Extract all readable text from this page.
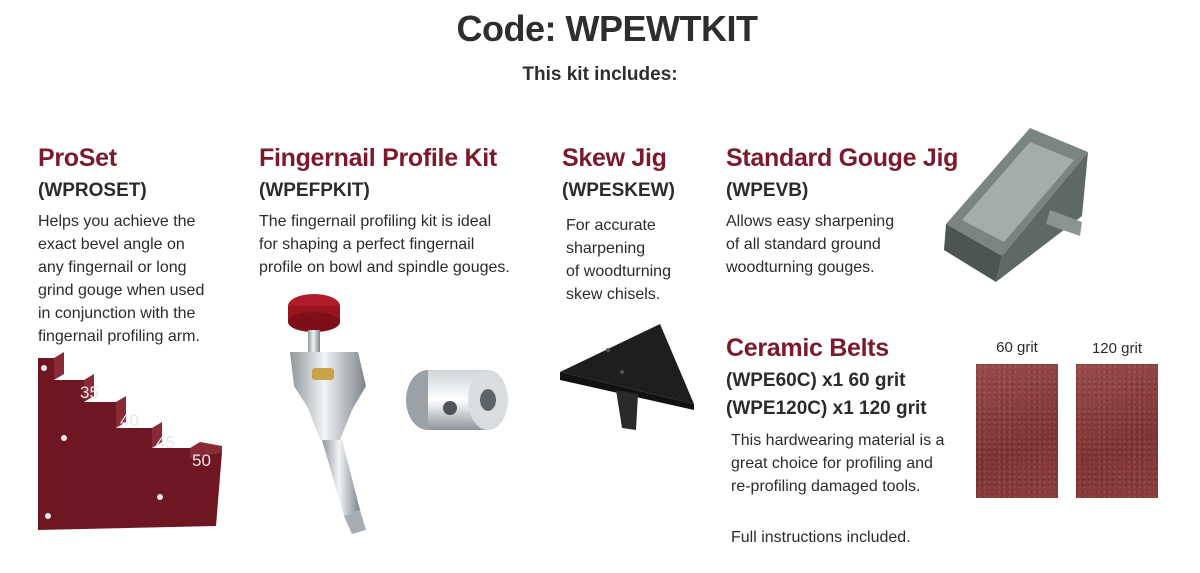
Code: WPEWTKIT
This kit includes:
ProSet
(WPROSET)
Helps you achieve the
exact bevel angle on
any fingernail or long
grind gouge when used
in conjunction with the
fingernail profiling arm.
35
40
45
50
Fingernail Profile Kit
(WPEFPKIT)
The fingernail profiling kit is ideal
for shaping a perfect fingernail
profile on bowl and spindle gouges.
Skew Jig
(WPESKEW)
For accurate
sharpening
of woodturning
skew chisels.
Standard Gouge Jig
(WPEVB)
Allows easy sharpening
of all standard ground
woodturning gouges.
Ceramic Belts
(WPE60C) x1 60 grit
(WPE120C) x1 120 grit
This hardwearing material is a
great choice for profiling and
re-profiling damaged tools.
Full instructions included.
60 grit	120 grit
